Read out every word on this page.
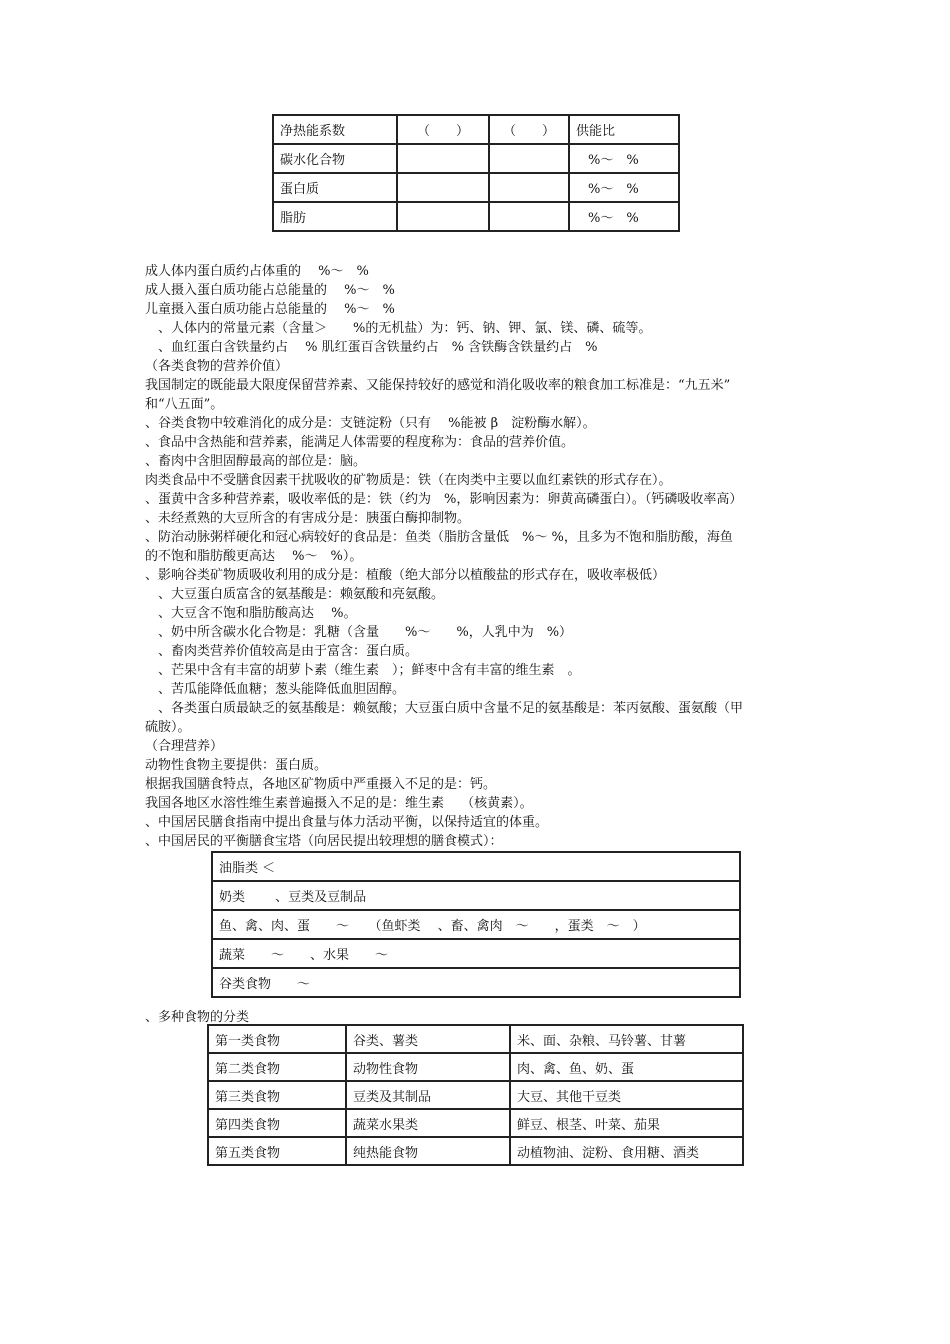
净热能系数	（　　）	（　　）	供能比
碳水化合物			%～　%
蛋白质			%～　%
脂肪			%～　%
成人体内蛋白质约占体重的　 %～　%
成人摄入蛋白质功能占总能量的　 %～　%
儿童摄入蛋白质功能占总能量的　 %～　%
　、人体内的常量元素（含量＞　　%的无机盐）为：钙、钠、钾、氯、镁、磷、硫等。
　、血红蛋白含铁量约占　 % 肌红蛋百含铁量约占　% 含铁酶含铁量约占　%
（各类食物的营养价值）
我国制定的既能最大限度保留营养素、又能保持较好的感觉和消化吸收率的粮食加工标准是：“九五米”
和“八五面”。
、谷类食物中较难消化的成分是：支链淀粉（只有　 %能被 β　淀粉酶水解）。
、食品中含热能和营养素，能满足人体需要的程度称为：食品的营养价值。
、畜肉中含胆固醇最高的部位是：脑。
肉类食品中不受膳食因素干扰吸收的矿物质是：铁（在肉类中主要以血红素铁的形式存在）。
、蛋黄中含多种营养素，吸收率低的是：铁（约为　%，影响因素为：卵黄高磷蛋白）。（钙磷吸收率高）
、未经煮熟的大豆所含的有害成分是：胰蛋白酶抑制物。
、防治动脉粥样硬化和冠心病较好的食品是：鱼类（脂肪含量低　%～ %，且多为不饱和脂肪酸，海鱼
的不饱和脂肪酸更高达　 %～　%）。
、影响谷类矿物质吸收利用的成分是：植酸（绝大部分以植酸盐的形式存在，吸收率极低）
　、大豆蛋白质富含的氨基酸是：赖氨酸和亮氨酸。
　、大豆含不饱和脂肪酸高达　 %。
　、奶中所含碳水化合物是：乳糖（含量　　%～　　%，人乳中为　%）
　、畜肉类营养价值较高是由于富含：蛋白质。
　、芒果中含有丰富的胡萝卜素（维生素　）；鲜枣中含有丰富的维生素　。
　、苦瓜能降低血糖；葱头能降低血胆固醇。
　、各类蛋白质最缺乏的氨基酸是：赖氨酸；大豆蛋白质中含量不足的氨基酸是：苯丙氨酸、蛋氨酸（甲
硫胺）。
（合理营养）
动物性食物主要提供：蛋白质。
根据我国膳食特点，各地区矿物质中严重摄入不足的是：钙。
我国各地区水溶性维生素普遍摄入不足的是：维生素　 （核黄素）。
、中国居民膳食指南中提出食量与体力活动平衡，以保持适宜的体重。
、中国居民的平衡膳食宝塔（向居民提出较理想的膳食模式）：
油脂类 ＜
奶类　　 、豆类及豆制品
鱼、禽、肉、蛋　　～　　（鱼虾类　 、畜、禽肉　～　　，蛋类　～　）
蔬菜　　～　　、水果　　～
谷类食物　　～
、多种食物的分类
第一类食物	谷类、薯类	米、面、杂粮、马铃薯、甘薯
第二类食物	动物性食物	肉、禽、鱼、奶、蛋
第三类食物	豆类及其制品	大豆、其他干豆类
第四类食物	蔬菜水果类	鲜豆、根茎、叶菜、茄果
第五类食物	纯热能食物	动植物油、淀粉、食用糖、酒类
